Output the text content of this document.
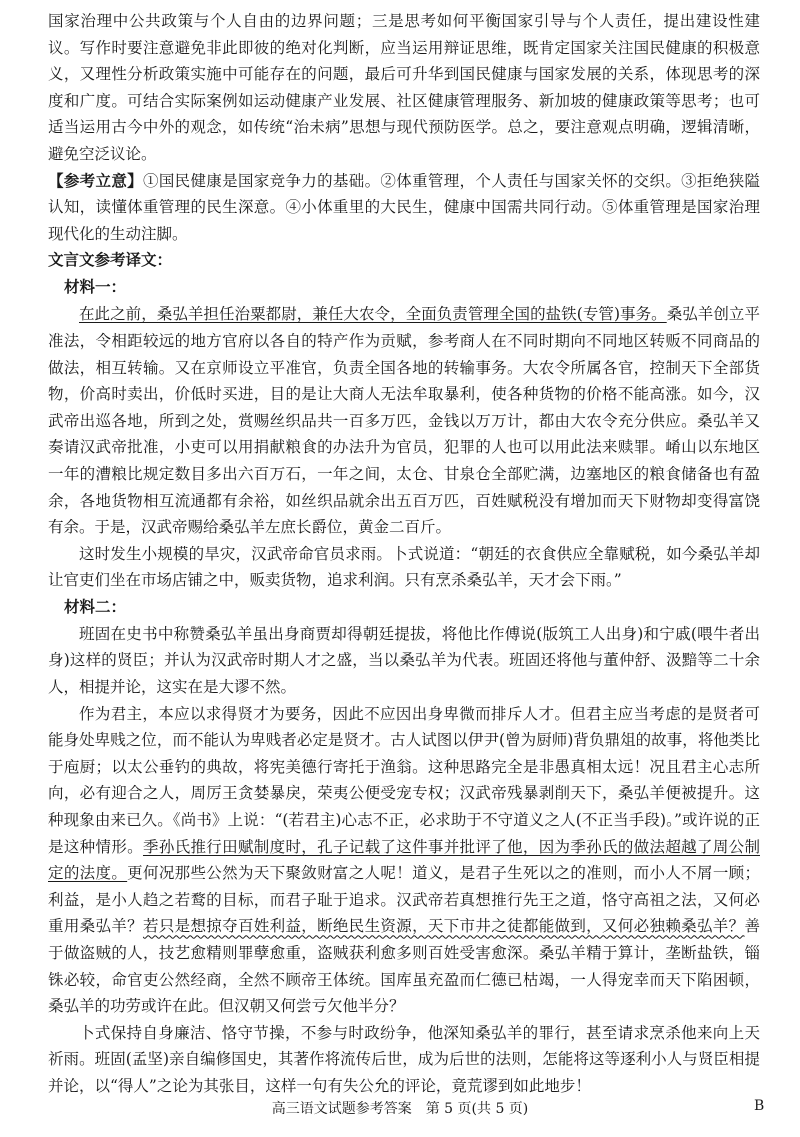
国家治理中公共政策与个人自由的边界问题；三是思考如何平衡国家引导与个人责任，提出建设性建议。写作时要注意避免非此即彼的绝对化判断，应当运用辩证思维，既肯定国家关注国民健康的积极意义，又理性分析政策实施中可能存在的问题，最后可升华到国民健康与国家发展的关系，体现思考的深度和广度。可结合实际案例如运动健康产业发展、社区健康管理服务、新加坡的健康政策等思考；也可适当运用古今中外的观念，如传统“治未病”思想与现代预防医学。总之，要注意观点明确，逻辑清晰，避免空泛议论。

【参考立意】①国民健康是国家竞争力的基础。②体重管理，个人责任与国家关怀的交织。③拒绝狭隘认知，读懂体重管理的民生深意。④小体重里的大民生，健康中国需共同行动。⑤体重管理是国家治理现代化的生动注脚。

文言文参考译文：
材料一：

在此之前，桑弘羊担任治粟都尉，兼任大农令，全面负责管理全国的盐铁(专管)事务。桑弘羊创立平准法，令相距较远的地方官府以各自的特产作为贡赋，参考商人在不同时期向不同地区转贩不同商品的做法，相互转输。又在京师设立平准官，负责全国各地的转输事务。大农令所属各官，控制天下全部货物，价高时卖出，价低时买进，目的是让大商人无法牟取暴利，使各种货物的价格不能高涨。如今，汉武帝出巡各地，所到之处，赏赐丝织品共一百多万匹，金钱以万万计，都由大农令充分供应。桑弘羊又奏请汉武帝批准，小吏可以用捐献粮食的办法升为官员，犯罪的人也可以用此法来赎罪。崤山以东地区一年的漕粮比规定数目多出六百万石，一年之间，太仓、甘泉仓全部贮满，边塞地区的粮食储备也有盈余，各地货物相互流通都有余裕，如丝织品就余出五百万匹，百姓赋税没有增加而天下财物却变得富饶有余。于是，汉武帝赐给桑弘羊左庶长爵位，黄金二百斤。

这时发生小规模的旱灾，汉武帝命官员求雨。卜式说道：“朝廷的衣食供应全靠赋税，如今桑弘羊却让官吏们坐在市场店铺之中，贩卖货物，追求利润。只有烹杀桑弘羊，天才会下雨。”

材料二：

班固在史书中称赞桑弘羊虽出身商贾却得朝廷提拔，将他比作傅说(版筑工人出身)和宁戚(喂牛者出身)这样的贤臣；并认为汉武帝时期人才之盛，当以桑弘羊为代表。班固还将他与董仲舒、汲黯等二十余人，相提并论，这实在是大谬不然。

作为君主，本应以求得贤才为要务，因此不应因出身卑微而排斥人才。但君主应当考虑的是贤者可能身处卑贱之位，而不能认为卑贱者必定是贤才。古人试图以伊尹(曾为厨师)背负鼎俎的故事，将他类比于庖厨；以太公垂钓的典故，将宪美德行寄托于渔翁。这种思路完全是非愚真相太远！况且君主心志所向，必有迎合之人，周厉王贪婪暴戾，荣夷公便受宠专权；汉武帝残暴剥削天下，桑弘羊便被提升。这种现象由来已久。《尚书》上说：“(若君主)心志不正，必求助于不守道义之人(不正当手段)。”或许说的正是这种情形。季孙氏推行田赋制度时，孔子记载了这件事并批评了他，因为季孙氏的做法超越了周公制定的法度。更何况那些公然为天下聚敛财富之人呢！道义，是君子生死以之的准则，而小人不屑一顾；利益，是小人趋之若鹜的目标，而君子耻于追求。汉武帝若真想推行先王之道，恪守高祖之法，又何必重用桑弘羊？若只是想掠夺百姓利益，断绝民生资源，天下市井之徒都能做到，又何必独赖桑弘羊？善于做盗贼的人，技艺愈精则罪孽愈重，盗贼获利愈多则百姓受害愈深。桑弘羊精于算计，垄断盐铁，锱铢必较，命官吏公然经商，全然不顾帝王体统。国库虽充盈而仁德已枯竭，一人得宠幸而天下陷困顿，桑弘羊的功劳或许在此。但汉朝又何尝亏欠他半分？

卜式保持自身廉洁、恪守节操，不参与时政纷争，他深知桑弘羊的罪行，甚至请求烹杀他来向上天祈雨。班固(孟坚)亲自编修国史，其著作将流传后世，成为后世的法则，怎能将这等逐利小人与贤臣相提并论，以“得人”之论为其张目，这样一句有失公允的评论，竟荒谬到如此地步！

高三语文试题参考答案　第 5 页(共 5 页)	B
